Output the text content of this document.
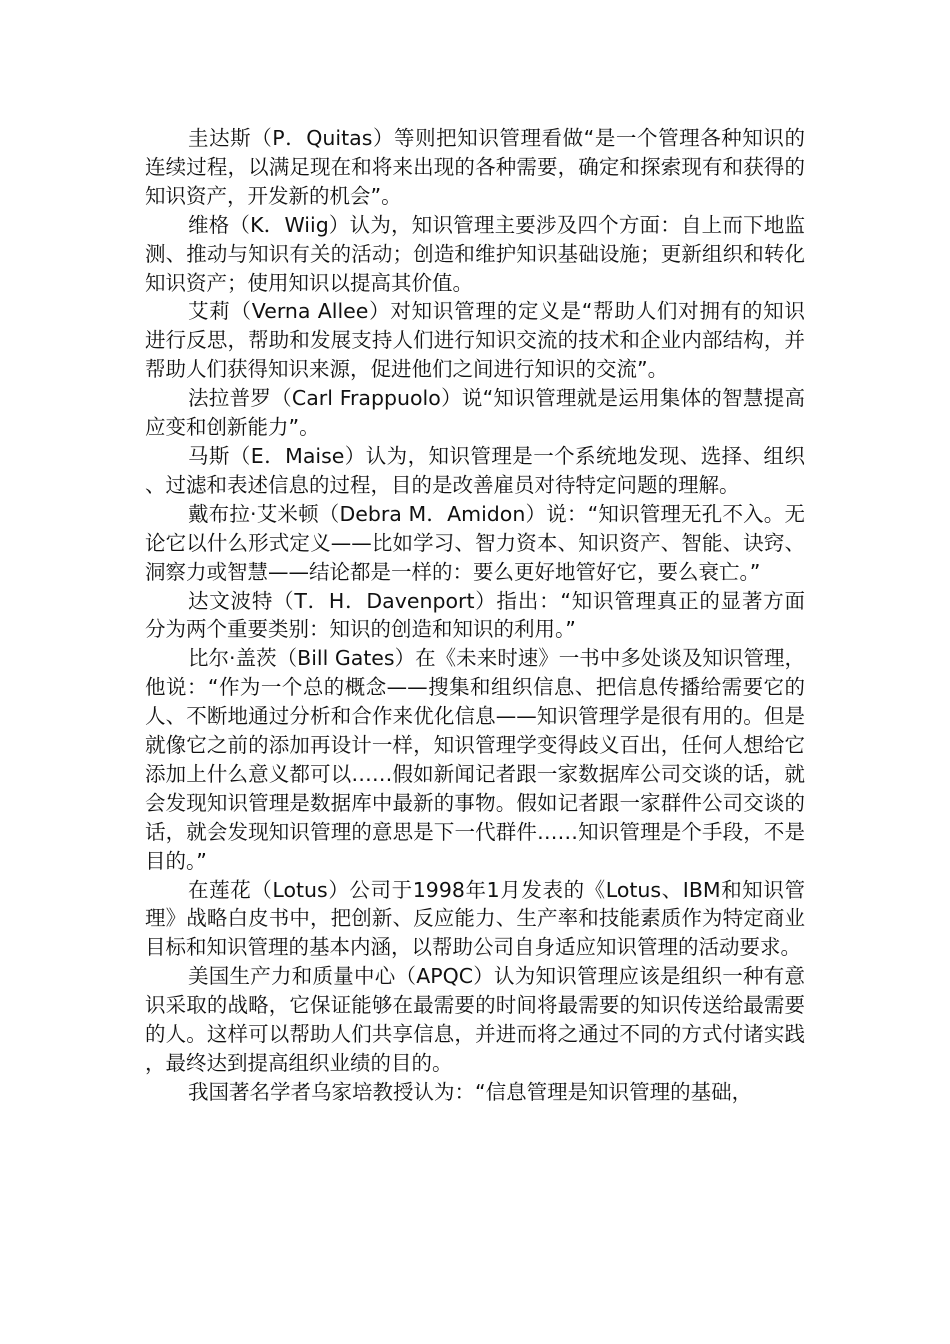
圭达斯（P．Quitas）等则把知识管理看做“是一个管理各种知识的连续过程，以满足现在和将来出现的各种需要，确定和探索现有和获得的知识资产，开发新的机会”。

维格（K．Wiig）认为，知识管理主要涉及四个方面：自上而下地监测、推动与知识有关的活动；创造和维护知识基础设施；更新组织和转化知识资产；使用知识以提高其价值。

艾莉（Verna Allee）对知识管理的定义是“帮助人们对拥有的知识进行反思，帮助和发展支持人们进行知识交流的技术和企业内部结构，并帮助人们获得知识来源，促进他们之间进行知识的交流”。

法拉普罗（Carl Frappuolo）说“知识管理就是运用集体的智慧提高应变和创新能力”。

马斯（E．Maise）认为，知识管理是一个系统地发现、选择、组织、过滤和表述信息的过程，目的是改善雇员对待特定问题的理解。

戴布拉·艾米顿（Debra M．Amidon）说：“知识管理无孔不入。无论它以什么形式定义——比如学习、智力资本、知识资产、智能、诀窍、洞察力或智慧——结论都是一样的：要么更好地管好它，要么衰亡。”

达文波特（T．H．Davenport）指出：“知识管理真正的显著方面分为两个重要类别：知识的创造和知识的利用。”

比尔·盖茨（Bill Gates）在《未来时速》一书中多处谈及知识管理，他说：“作为一个总的概念——搜集和组织信息、把信息传播给需要它的人、不断地通过分析和合作来优化信息——知识管理学是很有用的。但是就像它之前的添加再设计一样，知识管理学变得歧义百出，任何人想给它添加上什么意义都可以……假如新闻记者跟一家数据库公司交谈的话，就会发现知识管理是数据库中最新的事物。假如记者跟一家群件公司交谈的话，就会发现知识管理的意思是下一代群件……知识管理是个手段，不是目的。”

在莲花（Lotus）公司于1998年1月发表的《Lotus、IBM和知识管理》战略白皮书中，把创新、反应能力、生产率和技能素质作为特定商业目标和知识管理的基本内涵，以帮助公司自身适应知识管理的活动要求。

美国生产力和质量中心（APQC）认为知识管理应该是组织一种有意识采取的战略，它保证能够在最需要的时间将最需要的知识传送给最需要的人。这样可以帮助人们共享信息，并进而将之通过不同的方式付诸实践，最终达到提高组织业绩的目的。

我国著名学者乌家培教授认为：“信息管理是知识管理的基础，
